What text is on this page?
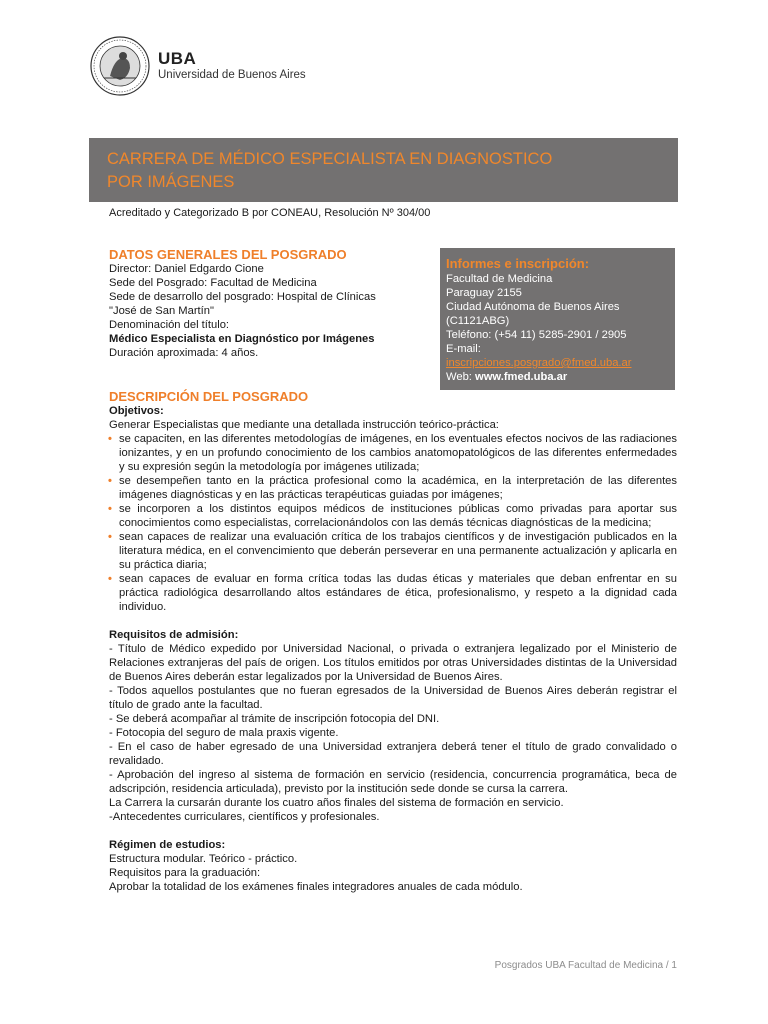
UBA
Universidad de Buenos Aires
CARRERA DE MÉDICO ESPECIALISTA EN DIAGNOSTICO
POR IMÁGENES
Acreditado y Categorizado B por CONEAU, Resolución Nº 304/00
DATOS GENERALES DEL POSGRADO
Director: Daniel Edgardo Cione
Sede del Posgrado: Facultad de Medicina
Sede de desarrollo del posgrado: Hospital de Clínicas
"José de San Martín"
Denominación del título:
Médico Especialista en Diagnóstico por Imágenes
Duración aproximada: 4 años.
Informes e inscripción:
Facultad de Medicina
Paraguay 2155
Ciudad Autónoma de Buenos Aires
(C1121ABG)
Teléfono: (+54 11) 5285-2901 / 2905
E-mail:
inscripciones.posgrado@fmed.uba.ar
Web: www.fmed.uba.ar
DESCRIPCIÓN DEL POSGRADO
Objetivos:
Generar Especialistas que mediante una detallada instrucción teórico-práctica:
• se capaciten, en las diferentes metodologías de imágenes, en los eventuales efectos nocivos de las radiaciones ionizantes, y en un profundo conocimiento de los cambios anatomopatológicos de las diferentes enfermedades y su expresión según la metodología por imágenes utilizada;
• se desempeñen tanto en la práctica profesional como la académica, en la interpretación de las diferentes imágenes diagnósticas y en las prácticas terapéuticas guiadas por imágenes;
• se incorporen a los distintos equipos médicos de instituciones públicas como privadas para aportar sus conocimientos como especialistas, correlacionándolos con las demás técnicas diagnósticas de la medicina;
• sean capaces de realizar una evaluación crítica de los trabajos científicos y de investigación publicados en la literatura médica, en el convencimiento que deberán perseverar en una permanente actualización y aplicarla en su práctica diaria;
• sean capaces de evaluar en forma crítica todas las dudas éticas y materiales que deban enfrentar en su práctica radiológica desarrollando altos estándares de ética, profesionalismo, y respeto a la dignidad cada individuo.
Requisitos de admisión:
- Título de Médico expedido por Universidad Nacional, o privada o extranjera legalizado por el Ministerio de Relaciones extranjeras del país de origen. Los títulos emitidos por otras Universidades distintas de la Universidad de Buenos Aires deberán estar legalizados por la Universidad de Buenos Aires.
- Todos aquellos postulantes que no fueran egresados de la Universidad de Buenos Aires deberán registrar el título de grado ante la facultad.
- Se deberá acompañar al trámite de inscripción fotocopia del DNI.
- Fotocopia del seguro de mala praxis vigente.
- En el caso de haber egresado de una Universidad extranjera deberá tener el título de grado convalidado o revalidado.
- Aprobación del ingreso al sistema de formación en servicio (residencia, concurrencia programática, beca de adscripción, residencia articulada), previsto por la institución sede donde se cursa la carrera.
La Carrera la cursarán durante los cuatro años finales del sistema de formación en servicio.
-Antecedentes curriculares, científicos y profesionales.
Régimen de estudios:
Estructura modular. Teórico - práctico.
Requisitos para la graduación:
Aprobar la totalidad de los exámenes finales integradores anuales de cada módulo.
Posgrados UBA Facultad de Medicina / 1
